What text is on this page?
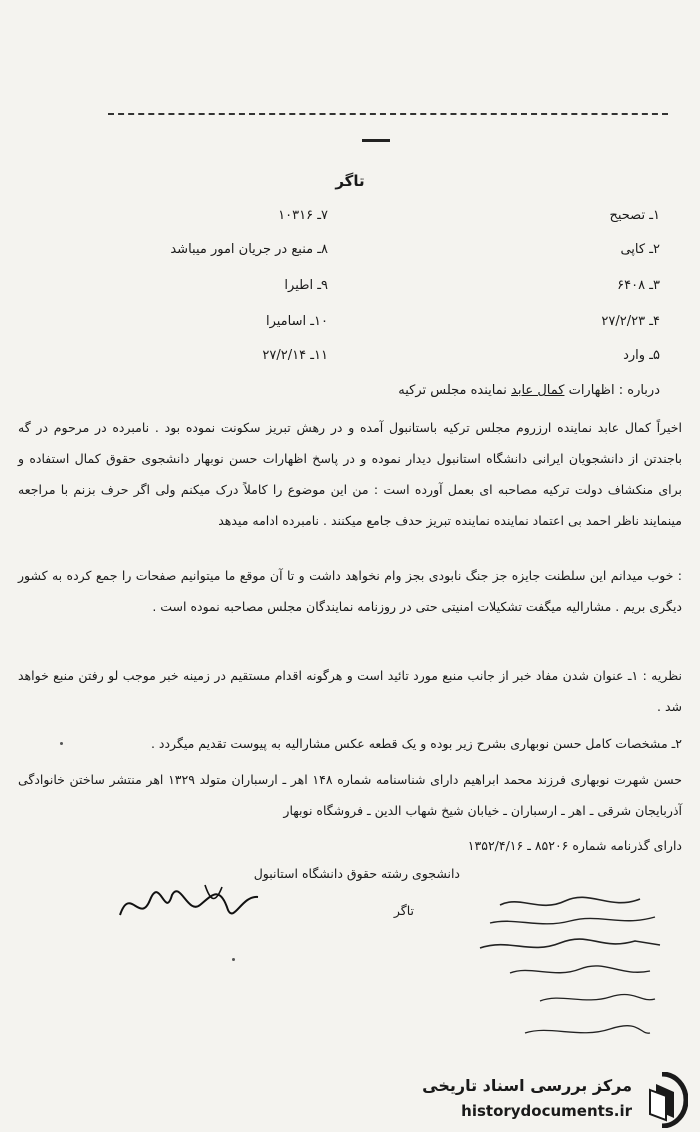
تاگر
۱ـ تصحیح
۲ـ کاپی
۳ـ ۶۴۰۸
۴ـ ۲۷/۲/۲۳
۵ـ وارد
۷ـ ۱۰۳۱۶
۸ـ منبع در جریان امور میباشد
۹ـ اطیرا
۱۰ـ اسامیرا
۱۱ـ ۲۷/۲/۱۴
درباره : اظهارات کمال عابد نماینده مجلس ترکیه
اخیراً کمال عابد نماینده ارزروم مجلس ترکیه باستانبول آمده و در رهش تبریز سکونت نموده بود . نامبرده در مرحوم در گه باجندتن از دانشجویان ایرانی دانشگاه استانبول دیدار نموده و در پاسخ اظهارات حسن نوبهار دانشجوی حقوق کمال استفاده و برای منکشاف دولت ترکیه مصاحبه ای بعمل آورده است : من این موضوع را کاملاً درک میکنم ولی اگر حرف بزنم با مراجعه مینمایند ناظر احمد بی اعتماد نماینده نماینده تبریز حدف جامع میکنند . نامبرده ادامه میدهد
: خوب میدانم این سلطنت جایزه جز جنگ نابودی بجز وام نخواهد داشت و تا آن موقع ما میتوانیم صفحات را جمع کرده به کشور دیگری بریم . مشارالیه میگفت تشکیلات امنیتی حتی در روزنامه نمایندگان مجلس مصاحبه نموده است .
نظریه : ۱ـ عنوان شدن مفاد خبر از جانب منبع مورد تائید است و هرگونه اقدام مستقیم در زمینه خبر موجب لو رفتن منبع خواهد شد .
۲ـ مشخصات کامل حسن نوبهاری بشرح زیر بوده و یک قطعه عکس مشارالیه به پیوست تقدیم میگردد .
حسن شهرت نوبهاری فرزند محمد ابراهیم دارای شناسنامه شماره ۱۴۸ اهر ـ ارسباران متولد ۱۳۲۹ اهر منتشر ساختن خانوادگی آذربایجان شرقی ـ اهر ـ ارسباران ـ خیابان شیخ شهاب الدین ـ فروشگاه نوبهار
دارای گذرنامه شماره ۸۵۲۰۶ ـ ۱۳۵۲/۴/۱۶
دانشجوی رشته حقوق دانشگاه استانبول
تاگر
مرکز بررسی اسناد تاریخی
historydocuments.ir
